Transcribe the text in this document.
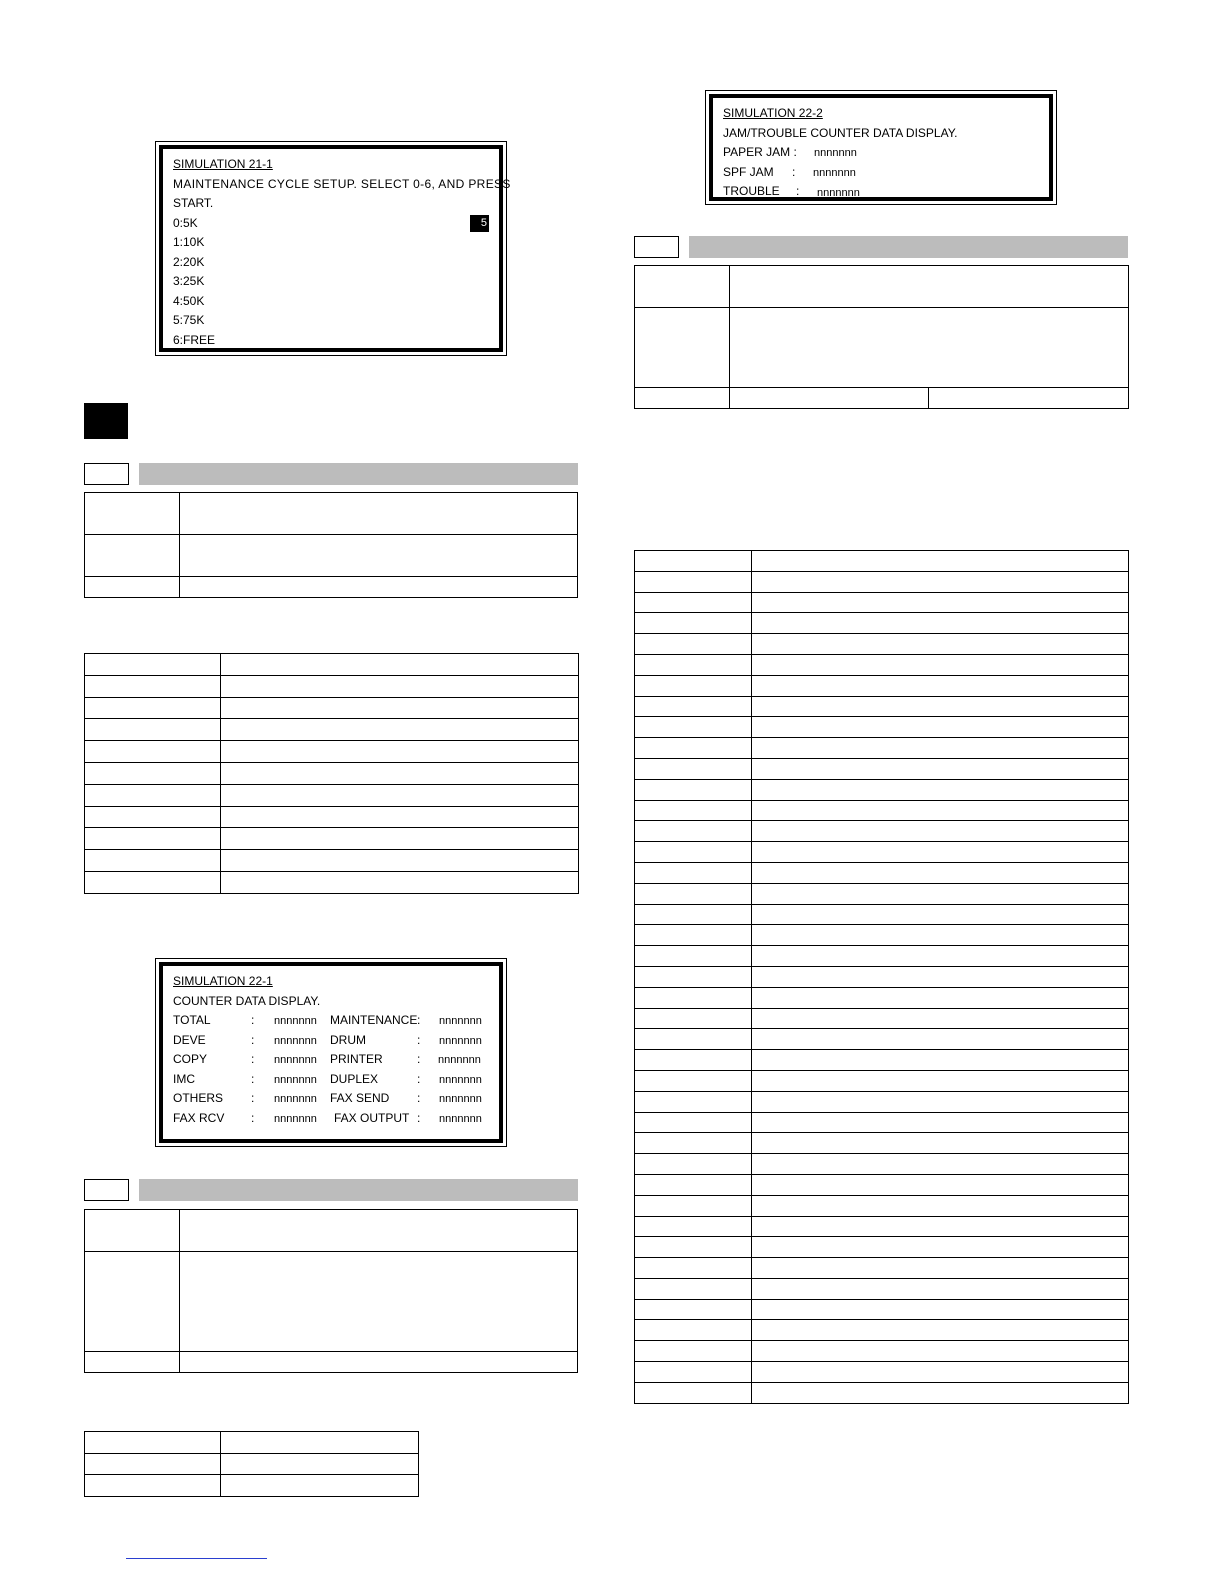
SIMULATION 21-1
MAINTENANCE CYCLE SETUP. SELECT 0-6, AND PRESS
START.
0:5K
1:10K
2:20K
3:25K
4:50K
5:75K
6:FREE
5

SIMULATION 22-1
COUNTER DATA DISPLAY.
TOTAL	: nnnnnnn MAINTENANCE : nnnnnnn
DEVE	: nnnnnnn DRUM	: nnnnnnn
COPY	: nnnnnnn PRINTER	: nnnnnnn
IMC	: nnnnnnn DUPLEX	: nnnnnnn
OTHERS : nnnnnnn FAX SEND : nnnnnnn
FAX RCV : nnnnnnn FAX OUTPUT : nnnnnnn

SIMULATION 22-2
JAM/TROUBLE COUNTER DATA DISPLAY.
PAPER JAM : nnnnnnn
SPF JAM : nnnnnnn
TROUBLE : nnnnnnn
